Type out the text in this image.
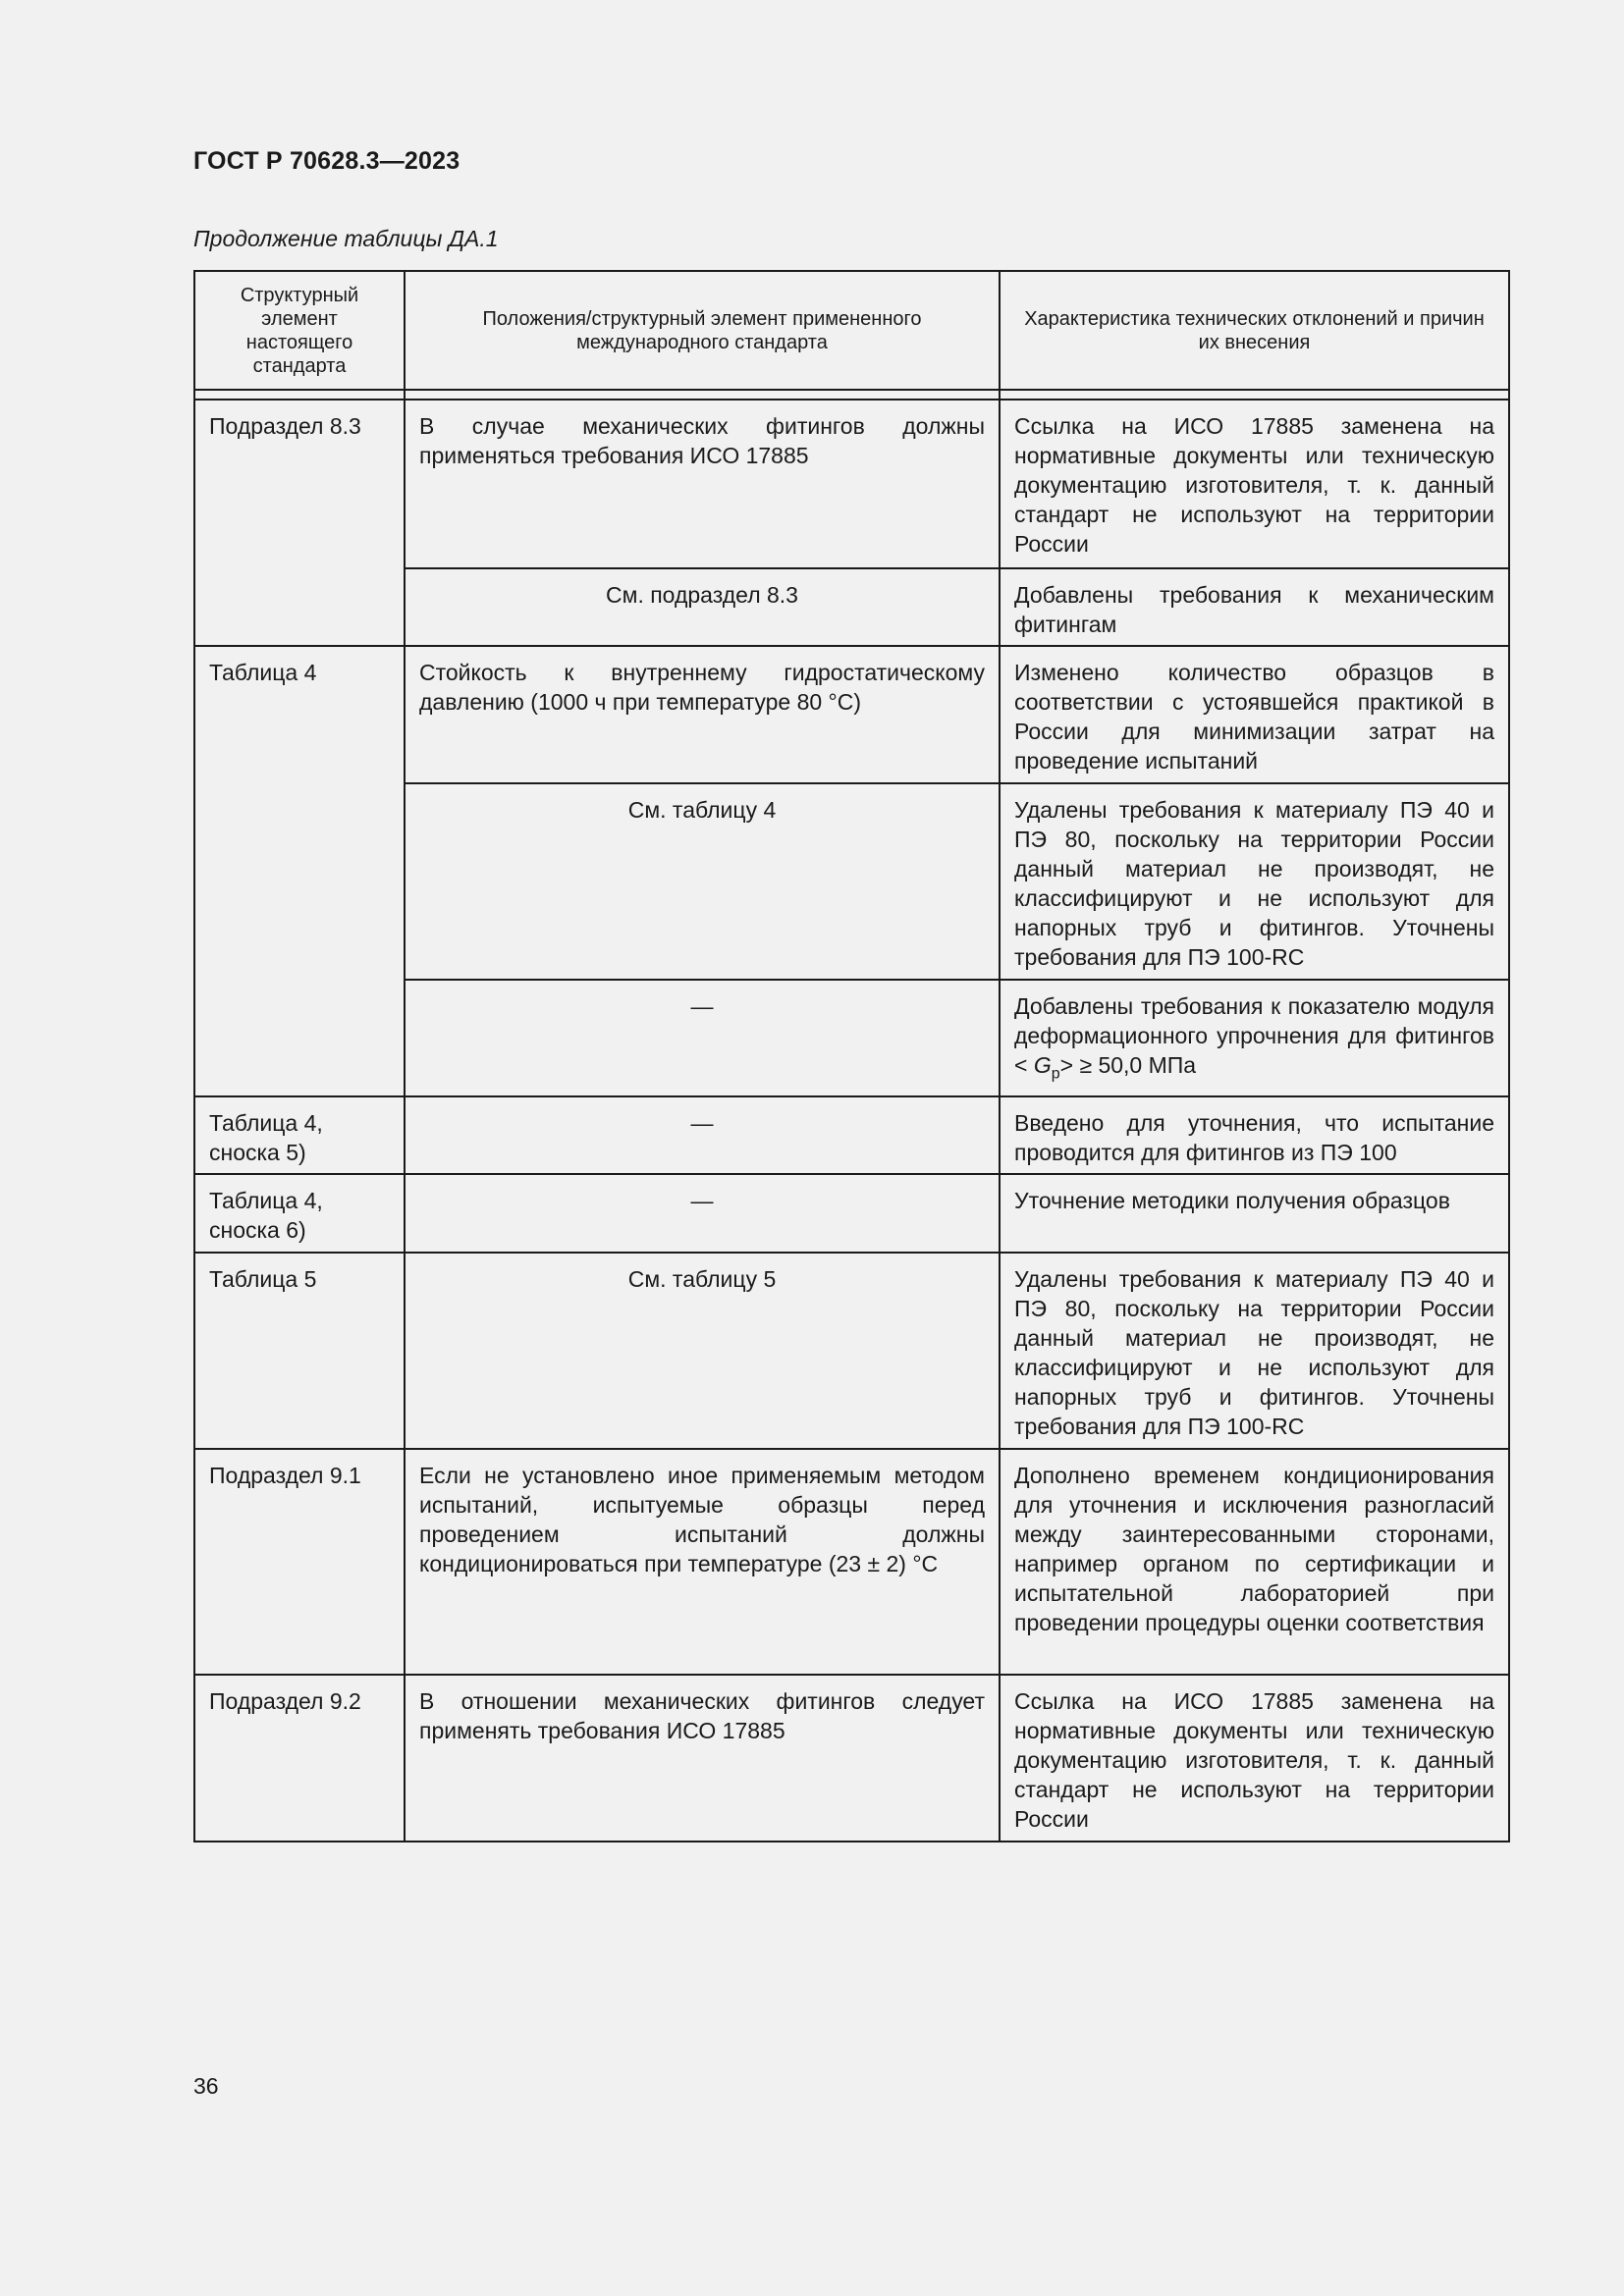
ГОСТ Р 70628.3—2023
Продолжение таблицы ДА.1
Структурный элемент настоящего стандарта	Положения/структурный элемент примененного международного стандарта	Характеристика технических отклонений и причин их внесения

Подраздел 8.3	В случае механических фитингов должны применяться требования ИСО 17885	Ссылка на ИСО 17885 заменена на нормативные документы или техническую документацию изготовителя, т. к. данный стандарт не используют на территории России
	См. подраздел 8.3	Добавлены требования к механическим фитингам
Таблица 4	Стойкость к внутреннему гидростатическому давлению (1000 ч при температуре 80 °С)	Изменено количество образцов в соответствии с устоявшейся практикой в России для минимизации затрат на проведение испытаний
	См. таблицу 4	Удалены требования к материалу ПЭ 40 и ПЭ 80, поскольку на территории России данный материал не производят, не классифицируют и не используют для напорных труб и фитингов. Уточнены требования для ПЭ 100-RC
	—	Добавлены требования к показателю модуля деформационного упрочнения для фитингов < $G_p> \ge 50,0$ МПа
Таблица 4, сноска 5)	—	Введено для уточнения, что испытание проводится для фитингов из ПЭ 100
Таблица 4, сноска 6)	—	Уточнение методики получения образцов
Таблица 5	См. таблицу 5	Удалены требования к материалу ПЭ 40 и ПЭ 80, поскольку на территории России данный материал не производят, не классифицируют и не используют для напорных труб и фитингов. Уточнены требования для ПЭ 100-RC
Подраздел 9.1	Если не установлено иное применяемым методом испытаний, испытуемые образцы перед проведением испытаний должны кондиционироваться при температуре (23 ± 2) °С	Дополнено временем кондиционирования для уточнения и исключения разногласий между заинтересованными сторонами, например органом по сертификации и испытательной лабораторией при проведении процедуры оценки соответствия
Подраздел 9.2	В отношении механических фитингов следует применять требования ИСО 17885	Ссылка на ИСО 17885 заменена на нормативные документы или техническую документацию изготовителя, т. к. данный стандарт не используют на территории России
36
